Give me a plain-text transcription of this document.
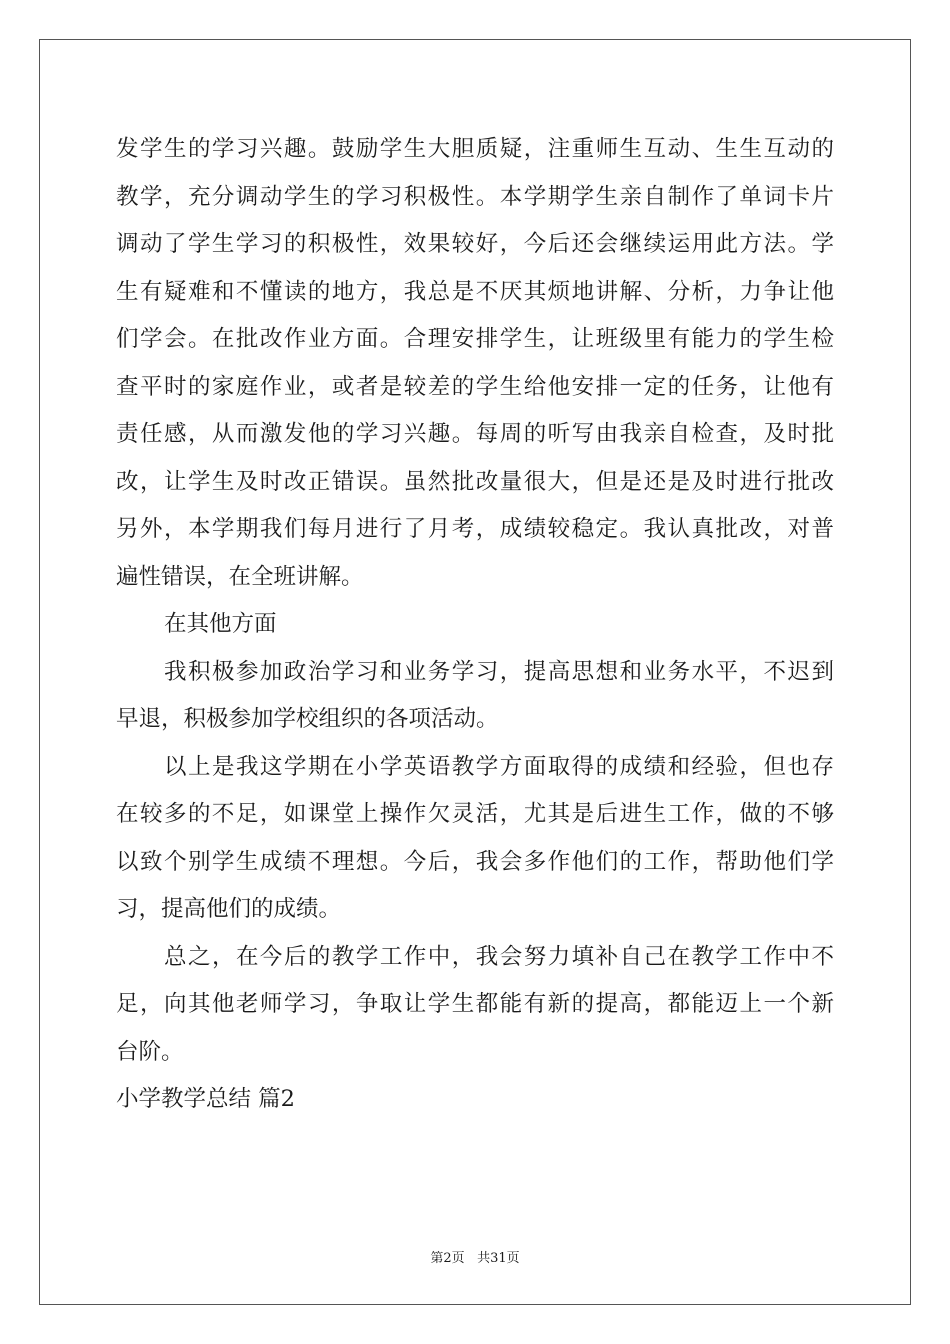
发学生的学习兴趣。鼓励学生大胆质疑，注重师生互动、生生互动的
教学，充分调动学生的学习积极性。本学期学生亲自制作了单词卡片
调动了学生学习的积极性，效果较好，今后还会继续运用此方法。学
生有疑难和不懂读的地方，我总是不厌其烦地讲解、分析，力争让他
们学会。在批改作业方面。合理安排学生，让班级里有能力的学生检
查平时的家庭作业，或者是较差的学生给他安排一定的任务，让他有
责任感，从而激发他的学习兴趣。每周的听写由我亲自检查，及时批
改，让学生及时改正错误。虽然批改量很大，但是还是及时进行批改
另外，本学期我们每月进行了月考，成绩较稳定。我认真批改，对普
遍性错误，在全班讲解。
在其他方面
我积极参加政治学习和业务学习，提高思想和业务水平，不迟到
早退，积极参加学校组织的各项活动。
以上是我这学期在小学英语教学方面取得的成绩和经验，但也存
在较多的不足，如课堂上操作欠灵活，尤其是后进生工作，做的不够
以致个别学生成绩不理想。今后，我会多作他们的工作，帮助他们学
习，提高他们的成绩。
总之，在今后的教学工作中，我会努力填补自己在教学工作中不
足，向其他老师学习，争取让学生都能有新的提高，都能迈上一个新
台阶。
小学教学总结 篇2
第2页 共31页
